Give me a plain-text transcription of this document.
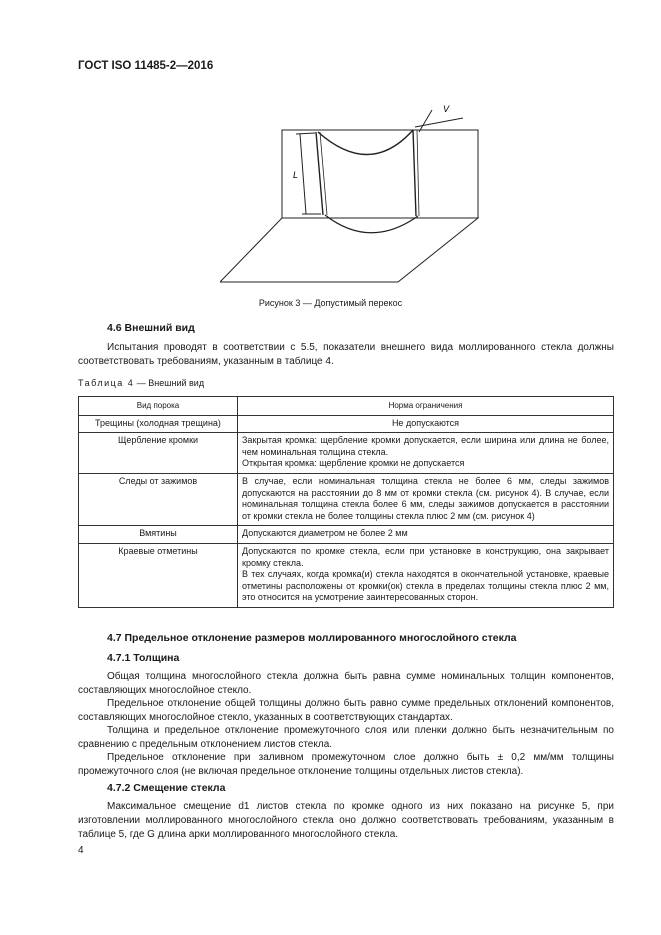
ГОСТ ISO 11485-2—2016
L
V
Рисунок 3 — Допустимый перекос
4.6 Внешний вид
Испытания проводят в соответствии с 5.5, показатели внешнего вида моллированного стекла должны соответствовать требованиям, указанным в таблице 4.
Таблица 4 — Внешний вид
Вид порока	Норма ограничения
Трещины (холодная трещина)	Не допускаются

Щербление кромки	Закрытая кромка: щербление кромки допускается, если ширина или длина не более, чем номинальная толщина стекла.
Открытая кромка: щербление кромки не допускается

Следы от зажимов	В случае, если номинальная толщина стекла не более 6 мм, следы зажимов допускаются на расстоянии до 8 мм от кромки стекла (см. рисунок 4). В случае, если номинальная толщина стекла более 6 мм, следы зажимов допускается в расстоянии от кромки стекла не более толщины стекла плюс 2 мм (см. рисунок 4)

Вмятины	Допускаются диаметром не более 2 мм

Краевые отметины	Допускаются по кромке стекла, если при установке в конструкцию, она закрывает кромку стекла.
В тех случаях, когда кромка(и) стекла находятся в окончательной установке, краевые отметины расположены от кромки(ок) стекла в пределах толщины стекла плюс 2 мм, это относится на усмотрение заинтересованных сторон.
4.7 Предельное отклонение размеров моллированного многослойного стекла
4.7.1 Толщина
Общая толщина многослойного стекла должна быть равна сумме номинальных толщин компонентов, составляющих многослойное стекло.
Предельное отклонение общей толщины должно быть равно сумме предельных отклонений компонентов, составляющих многослойное стекло, указанных в соответствующих стандартах.
Толщина и предельное отклонение промежуточного слоя или пленки должно быть незначительным по сравнению с предельным отклонением листов стекла.
Предельное отклонение при заливном промежуточном слое должно быть ± 0,2 мм/мм толщины промежуточного слоя (не включая предельное отклонение толщины отдельных листов стекла).
4.7.2 Смещение стекла
Максимальное смещение d1 листов стекла по кромке одного из них показано на рисунке 5, при изготовлении моллированного многослойного стекла оно должно соответствовать требованиям, указанным в таблице 5, где G длина арки моллированного многослойного стекла.
4
